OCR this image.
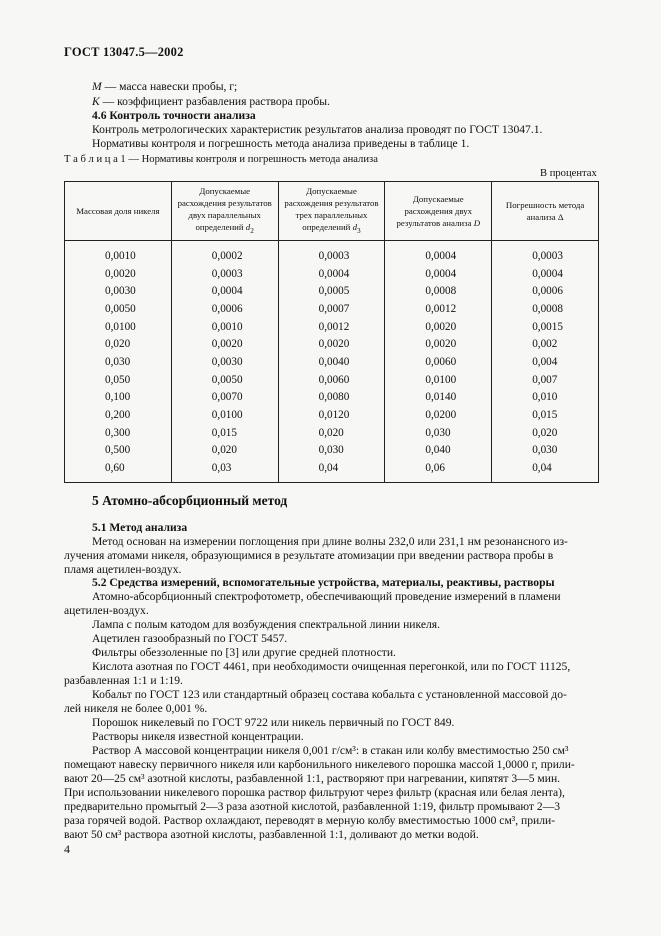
ГОСТ 13047.5—2002
M — масса навески пробы, г;
K — коэффициент разбавления раствора пробы.
4.6 Контроль точности анализа
Контроль метрологических характеристик результатов анализа проводят по ГОСТ 13047.1.
Нормативы контроля и погрешность метода анализа приведены в таблице 1.
Т а б л и ц а 1 — Нормативы контроля и погрешность метода анализа
В процентах
Массовая доля никеля	Допускаемые расхождения результатов двух параллельных определений $d_2$	Допускаемые расхождения результатов трех параллельных определений $d_3$	Допускаемые расхождения двух результатов анализа D	Погрешность метода анализа Δ
0,0010	0,0002	0,0003	0,0004	0,0003
0,0020	0,0003	0,0004	0,0004	0,0004
0,0030	0,0004	0,0005	0,0008	0,0006
0,0050	0,0006	0,0007	0,0012	0,0008
0,0100	0,0010	0,0012	0,0020	0,0015
0,020	0,0020	0,0020	0,0020	0,002
0,030	0,0030	0,0040	0,0060	0,004
0,050	0,0050	0,0060	0,0100	0,007
0,100	0,0070	0,0080	0,0140	0,010
0,200	0,0100	0,0120	0,0200	0,015
0,300	0,015	0,020	0,030	0,020
0,500	0,020	0,030	0,040	0,030
0,60	0,03	0,04	0,06	0,04
5 Атомно-абсорбционный метод
5.1 Метод анализа
Метод основан на измерении поглощения при длине волны 232,0 или 231,1 нм резонансного из-
лучения атомами никеля, образующимися в результате атомизации при введении раствора пробы в
пламя ацетилен-воздух.
5.2 Средства измерений, вспомогательные устройства, материалы, реактивы, растворы
Атомно-абсорбционный спектрофотометр, обеспечивающий проведение измерений в пламени
ацетилен-воздух.
Лампа с полым катодом для возбуждения спектральной линии никеля.
Ацетилен газообразный по ГОСТ 5457.
Фильтры обеззоленные по [3] или другие средней плотности.
Кислота азотная по ГОСТ 4461, при необходимости очищенная перегонкой, или по ГОСТ 11125,
разбавленная 1:1 и 1:19.
Кобальт по ГОСТ 123 или стандартный образец состава кобальта с установленной массовой до-
лей никеля не более 0,001 %.
Порошок никелевый по ГОСТ 9722 или никель первичный по ГОСТ 849.
Растворы никеля известной концентрации.
Раствор А массовой концентрации никеля 0,001 г/см³: в стакан или колбу вместимостью 250 см³
помещают навеску первичного никеля или карбонильного никелевого порошка массой 1,0000 г, прили-
вают 20—25 см³ азотной кислоты, разбавленной 1:1, растворяют при нагревании, кипятят 3—5 мин.
При использовании никелевого порошка раствор фильтруют через фильтр (красная или белая лента),
предварительно промытый 2—3 раза азотной кислотой, разбавленной 1:19, фильтр промывают 2—3
раза горячей водой. Раствор охлаждают, переводят в мерную колбу вместимостью 1000 см³, прили-
вают 50 см³ раствора азотной кислоты, разбавленной 1:1, доливают до метки водой.
4
